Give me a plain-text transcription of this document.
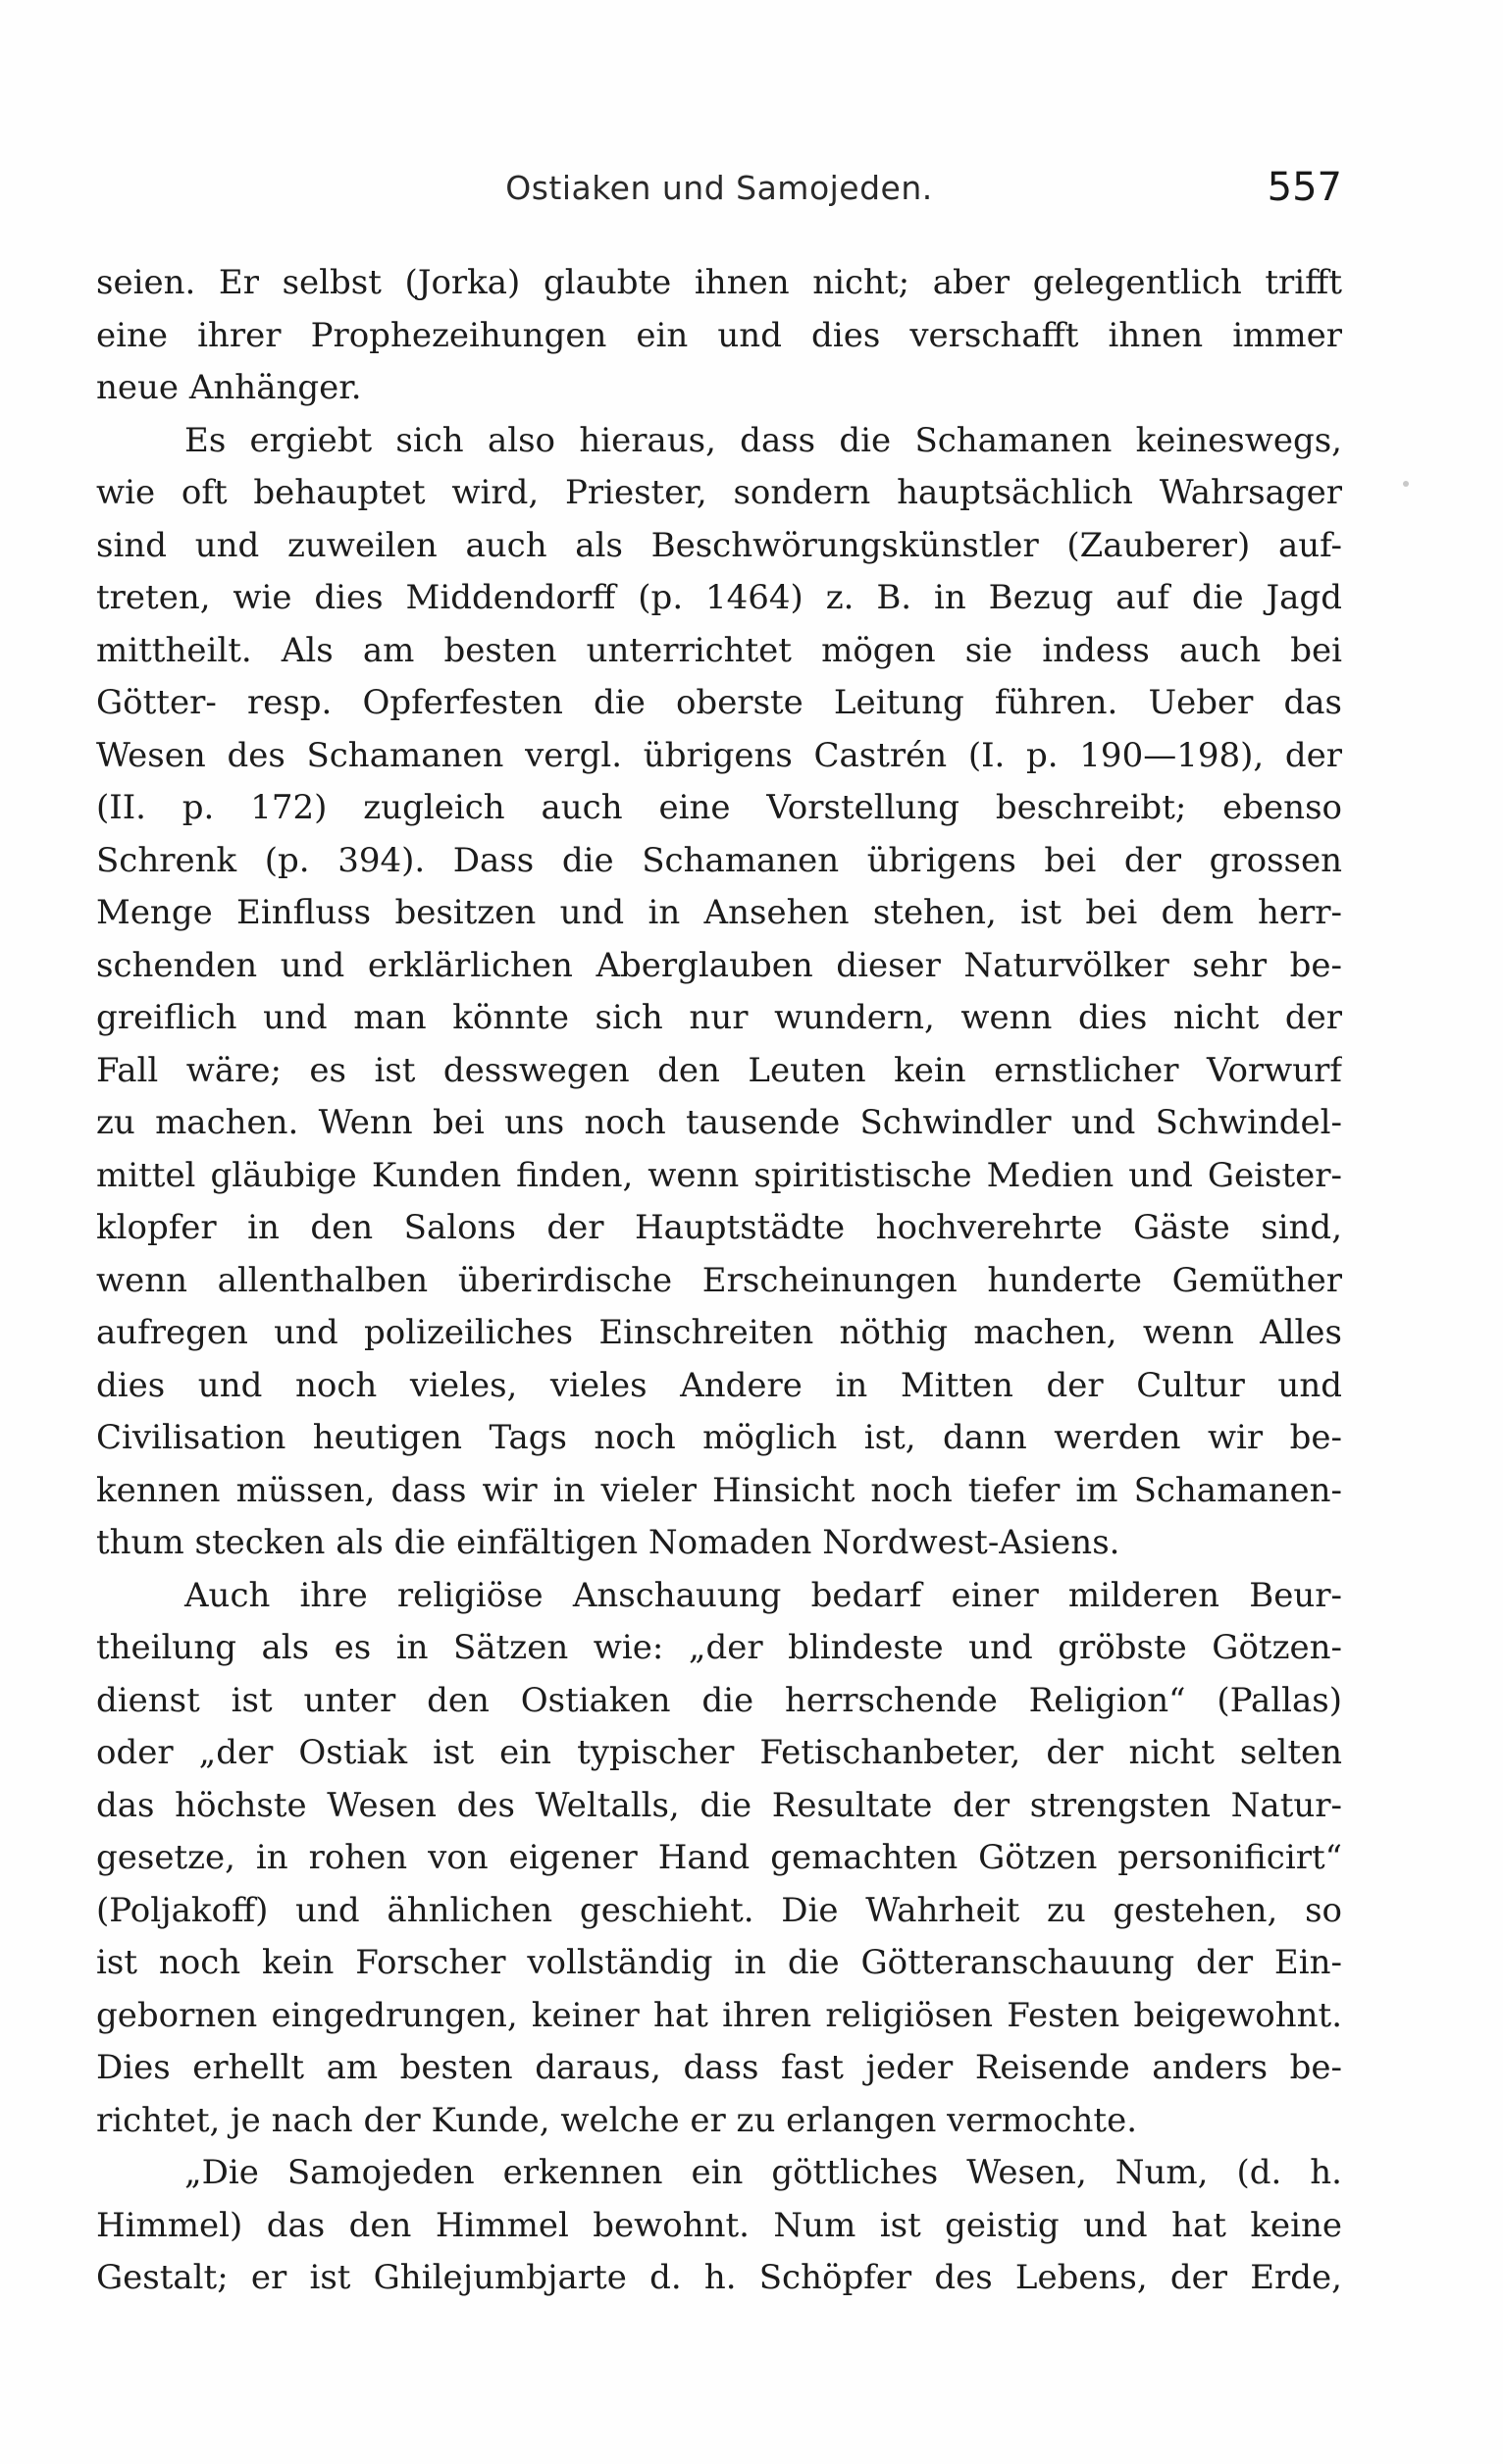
Ostiaken und Samojeden.	557
seien. Er selbst (Jorka) glaubte ihnen nicht; aber gelegentlich trifft
eine ihrer Prophezeihungen ein und dies verschafft ihnen immer
neue Anhänger.
Es ergiebt sich also hieraus, dass die Schamanen keineswegs,
wie oft behauptet wird, Priester, sondern hauptsächlich Wahrsager
sind und zuweilen auch als Beschwörungskünstler (Zauberer) auf-
treten, wie dies Middendorff (p. 1464) z. B. in Bezug auf die Jagd
mittheilt. Als am besten unterrichtet mögen sie indess auch bei
Götter- resp. Opferfesten die oberste Leitung führen. Ueber das
Wesen des Schamanen vergl. übrigens Castrén (I. p. 190—198), der
(II. p. 172) zugleich auch eine Vorstellung beschreibt; ebenso
Schrenk (p. 394). Dass die Schamanen übrigens bei der grossen
Menge Einfluss besitzen und in Ansehen stehen, ist bei dem herr-
schenden und erklärlichen Aberglauben dieser Naturvölker sehr be-
greiflich und man könnte sich nur wundern, wenn dies nicht der
Fall wäre; es ist desswegen den Leuten kein ernstlicher Vorwurf
zu machen. Wenn bei uns noch tausende Schwindler und Schwindel-
mittel gläubige Kunden finden, wenn spiritistische Medien und Geister-
klopfer in den Salons der Hauptstädte hochverehrte Gäste sind,
wenn allenthalben überirdische Erscheinungen hunderte Gemüther
aufregen und polizeiliches Einschreiten nöthig machen, wenn Alles
dies und noch vieles, vieles Andere in Mitten der Cultur und
Civilisation heutigen Tags noch möglich ist, dann werden wir be-
kennen müssen, dass wir in vieler Hinsicht noch tiefer im Schamanen-
thum stecken als die einfältigen Nomaden Nordwest-Asiens.
Auch ihre religiöse Anschauung bedarf einer milderen Beur-
theilung als es in Sätzen wie: „der blindeste und gröbste Götzen-
dienst ist unter den Ostiaken die herrschende Religion“ (Pallas)
oder „der Ostiak ist ein typischer Fetischanbeter, der nicht selten
das höchste Wesen des Weltalls, die Resultate der strengsten Natur-
gesetze, in rohen von eigener Hand gemachten Götzen personificirt“
(Poljakoff) und ähnlichen geschieht. Die Wahrheit zu gestehen, so
ist noch kein Forscher vollständig in die Götteranschauung der Ein-
gebornen eingedrungen, keiner hat ihren religiösen Festen beigewohnt.
Dies erhellt am besten daraus, dass fast jeder Reisende anders be-
richtet, je nach der Kunde, welche er zu erlangen vermochte.
„Die Samojeden erkennen ein göttliches Wesen, Num, (d. h.
Himmel) das den Himmel bewohnt. Num ist geistig und hat keine
Gestalt; er ist Ghilejumbjarte d. h. Schöpfer des Lebens, der Erde,
